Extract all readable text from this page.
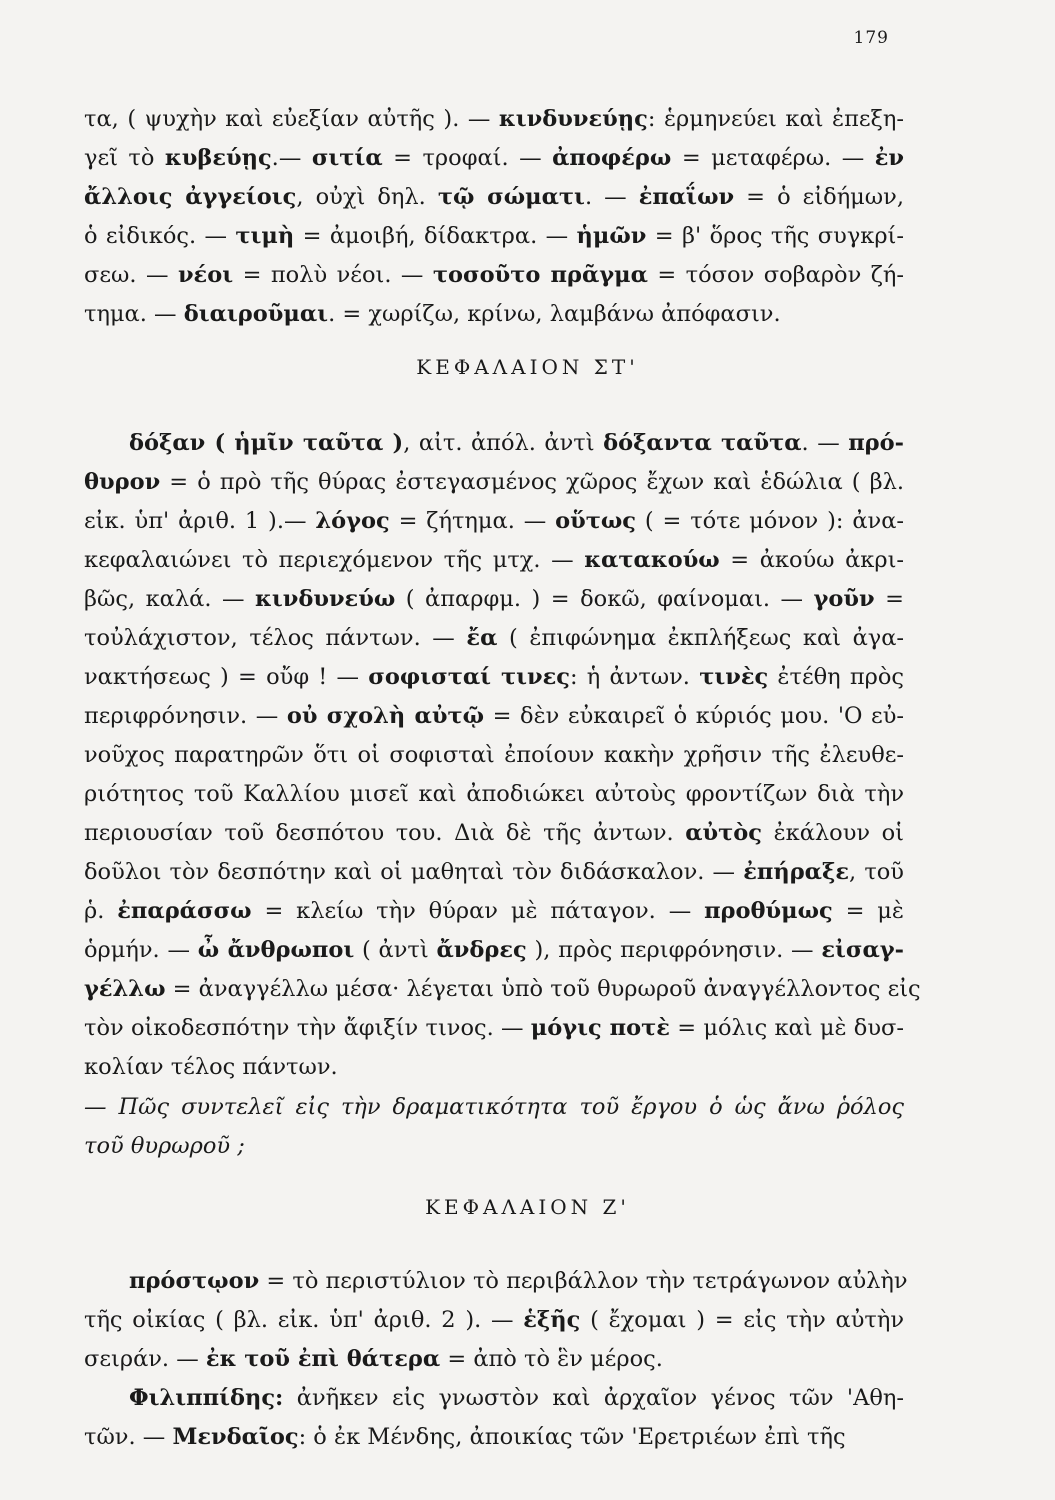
179
τα, ( ψυχὴν καὶ εὐεξίαν αὐτῆς ). — κινδυνεύῃς: ἑρμηνεύει καὶ ἐπεξη-
γεῖ τὸ κυβεύῃς.— σιτία = τροφαί. — ἀποφέρω = μεταφέρω. — ἐν
ἄλλοις ἀγγείοις, οὐχὶ δηλ. τῷ σώματι. — ἐπαΐων = ὁ εἰδήμων,
ὁ εἰδικός. — τιμὴ = ἀμοιβή, δίδακτρα. — ἡμῶν = β' ὅρος τῆς συγκρί-
σεω. — νέοι = πολὺ νέοι. — τοσοῦτο πρᾶγμα = τόσον σοβαρὸν ζή-
τημα. — διαιροῦμαι. = χωρίζω, κρίνω, λαμβάνω ἀπόφασιν.
ΚΕΦΑΛΑΙΟΝ ΣΤ'
  δόξαν ( ἡμῖν ταῦτα ), αἰτ. ἀπόλ. ἀντὶ δόξαντα ταῦτα. — πρό-
θυρον = ὁ πρὸ τῆς θύρας ἐστεγασμένος χῶρος ἔχων καὶ ἑδώλια ( βλ.
εἰκ. ὑπ' ἀριθ. 1 ).— λόγος = ζήτημα. — οὕτως ( = τότε μόνον ): ἀνα-
κεφαλαιώνει τὸ περιεχόμενον τῆς μτχ. — κατακούω = ἀκούω ἀκρι-
βῶς, καλά. — κινδυνεύω ( ἀπαρφμ. ) = δοκῶ, φαίνομαι. — γοῦν =
τοὐλάχιστον, τέλος πάντων. — ἔα ( ἐπιφώνημα ἐκπλήξεως καὶ ἀγα-
νακτήσεως ) = οὔφ ! — σοφισταί τινες: ἡ ἀντων. τινὲς ἐτέθη πρὸς
περιφρόνησιν. — οὐ σχολὴ αὐτῷ = δὲν εὐκαιρεῖ ὁ κύριός μου. 'Ο εὐ-
νοῦχος παρατηρῶν ὅτι οἱ σοφισταὶ ἐποίουν κακὴν χρῆσιν τῆς ἐλευθε-
ριότητος τοῦ Καλλίου μισεῖ καὶ ἀποδιώκει αὐτοὺς φροντίζων διὰ τὴν
περιουσίαν τοῦ δεσπότου του. Διὰ δὲ τῆς ἀντων. αὐτὸς ἐκάλουν οἱ
δοῦλοι τὸν δεσπότην καὶ οἱ μαθηταὶ τὸν διδάσκαλον. — ἐπήραξε, τοῦ
ῥ. ἐπαράσσω = κλείω τὴν θύραν μὲ πάταγον. — προθύμως = μὲ
ὁρμήν. — ὦ ἄνθρωποι ( ἀντὶ ἄνδρες ), πρὸς περιφρόνησιν. — εἰσαγ-
γέλλω = ἀναγγέλλω μέσα· λέγεται ὑπὸ τοῦ θυρωροῦ ἀναγγέλλοντος εἰς
τὸν οἰκοδεσπότην τὴν ἄφιξίν τινος. — μόγις ποτὲ = μόλις καὶ μὲ δυσ-
κολίαν τέλος πάντων.
— Πῶς συντελεῖ εἰς τὴν δραματικότητα τοῦ ἔργου ὁ ὡς ἄνω ῥόλος
τοῦ θυρωροῦ ;
ΚΕΦΑΛΑΙΟΝ Ζ'
  πρόστῳον = τὸ περιστύλιον τὸ περιβάλλον τὴν τετράγωνον αὐλὴν
τῆς οἰκίας ( βλ. εἰκ. ὑπ' ἀριθ. 2 ). — ἑξῆς ( ἔχομαι ) = εἰς τὴν αὐτὴν
σειράν. — ἐκ τοῦ ἐπὶ θάτερα = ἀπὸ τὸ ἓν μέρος.
  Φιλιππίδης: ἀνῆκεν εἰς γνωστὸν καὶ ἀρχαῖον γένος τῶν 'Αθη-
τῶν. — Μενδαῖος: ὁ ἐκ Μένδης, ἀποικίας τῶν 'Ερετριέων ἐπὶ τῆς
